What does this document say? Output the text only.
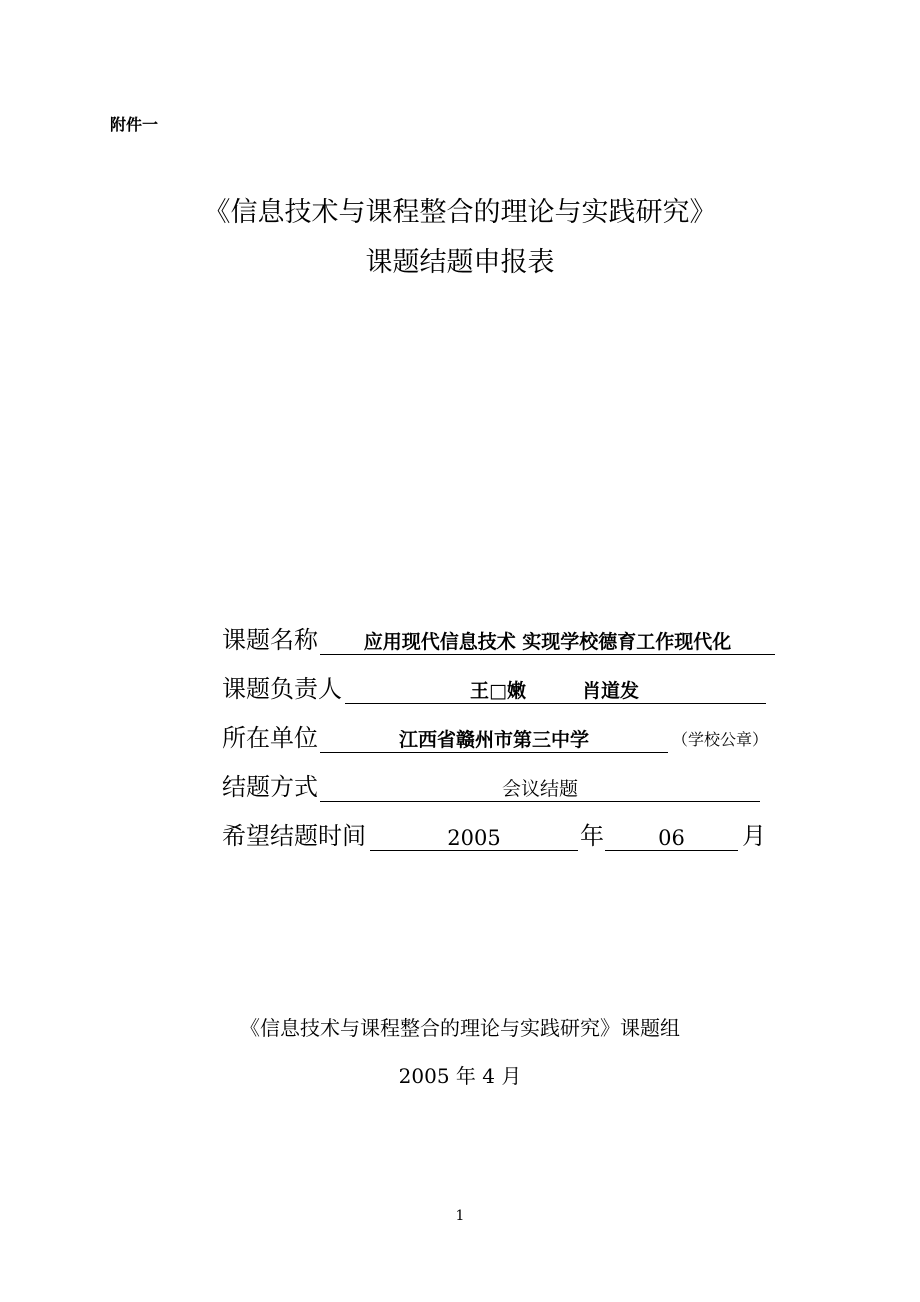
附件一
《信息技术与课程整合的理论与实践研究》
课题结题申报表
课题名称	应用现代信息技术 实现学校德育工作现代化
课题负责人	王□嫩	肖道发
所在单位	江西省赣州市第三中学	（学校公章）
结题方式	会议结题
希望结题时间	2005	年	06	月
《信息技术与课程整合的理论与实践研究》课题组
2005 年 4 月
1
